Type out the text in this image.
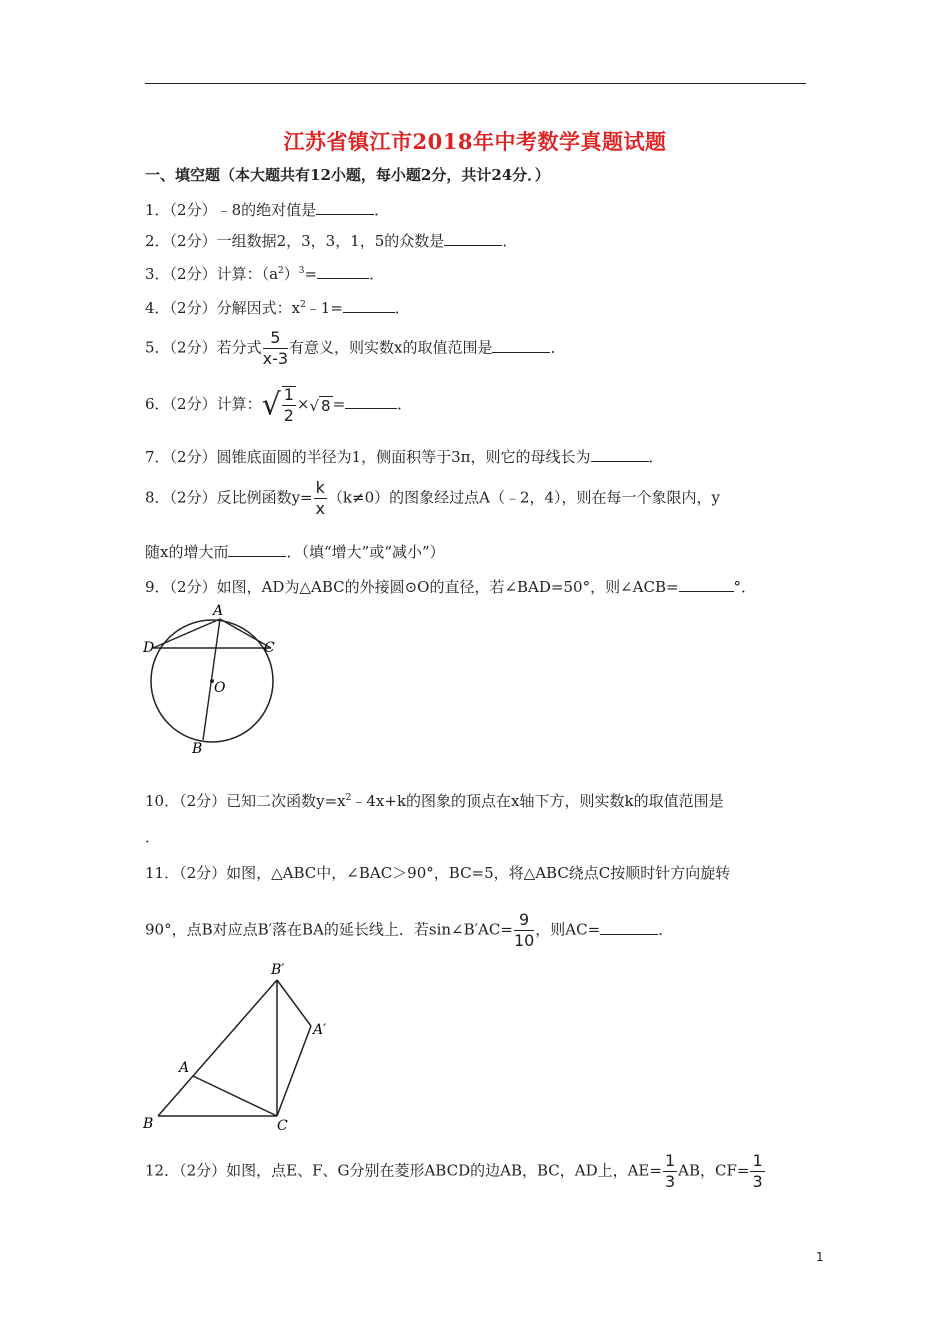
江苏省镇江市2018年中考数学真题试题
一、填空题（本大题共有12小题，每小题2分，共计24分．）
1．（2分）﹣8的绝对值是	．
2．（2分）一组数据2，3，3，1，5的众数是	．
3．（2分）计算：$(a^2)^3=$	．
4．（2分）分解因式：$x^2﹣1=$	．
5．（2分）若分式 $\frac{5}{x-3}$ 有意义，则实数x的取值范围是	．
6．（2分）计算：√ $\frac{1}{2}$ ×√ 8 =	．
7．（2分）圆锥底面圆的半径为1，侧面积等于3π，则它的母线长为	．
8．（2分）反比例函数$y= \frac{k}{x} (k\ne 0)$的图象经过点A（﹣2，4），则在每一个象限内，y
随x的增大而	．（填“增大”或“减小”）
9．（2分）如图，AD为△ABC的外接圆⊙O的直径，若∠BAD=50°，则∠ACB=	°．
A
D	C
O
B
10．（2分）已知二次函数$y=x^2﹣4x+k$的图象的顶点在x轴下方，则实数k的取值范围是
．
11．（2分）如图，△ABC中，∠BAC＞90°，BC=5，将△ABC绕点C按顺时针方向旋转
90°，点B对应点B′落在BA的延长线上．若sin∠B′AC= $\frac{9}{10}$ ，则AC=	．
B′
A′
A
B	C
12．（2分）如图，点E、F、G分别在菱形ABCD的边AB，BC，AD上，$AE= \frac{1}{3}$ AB，$CF= \frac{1}{3}$
1
